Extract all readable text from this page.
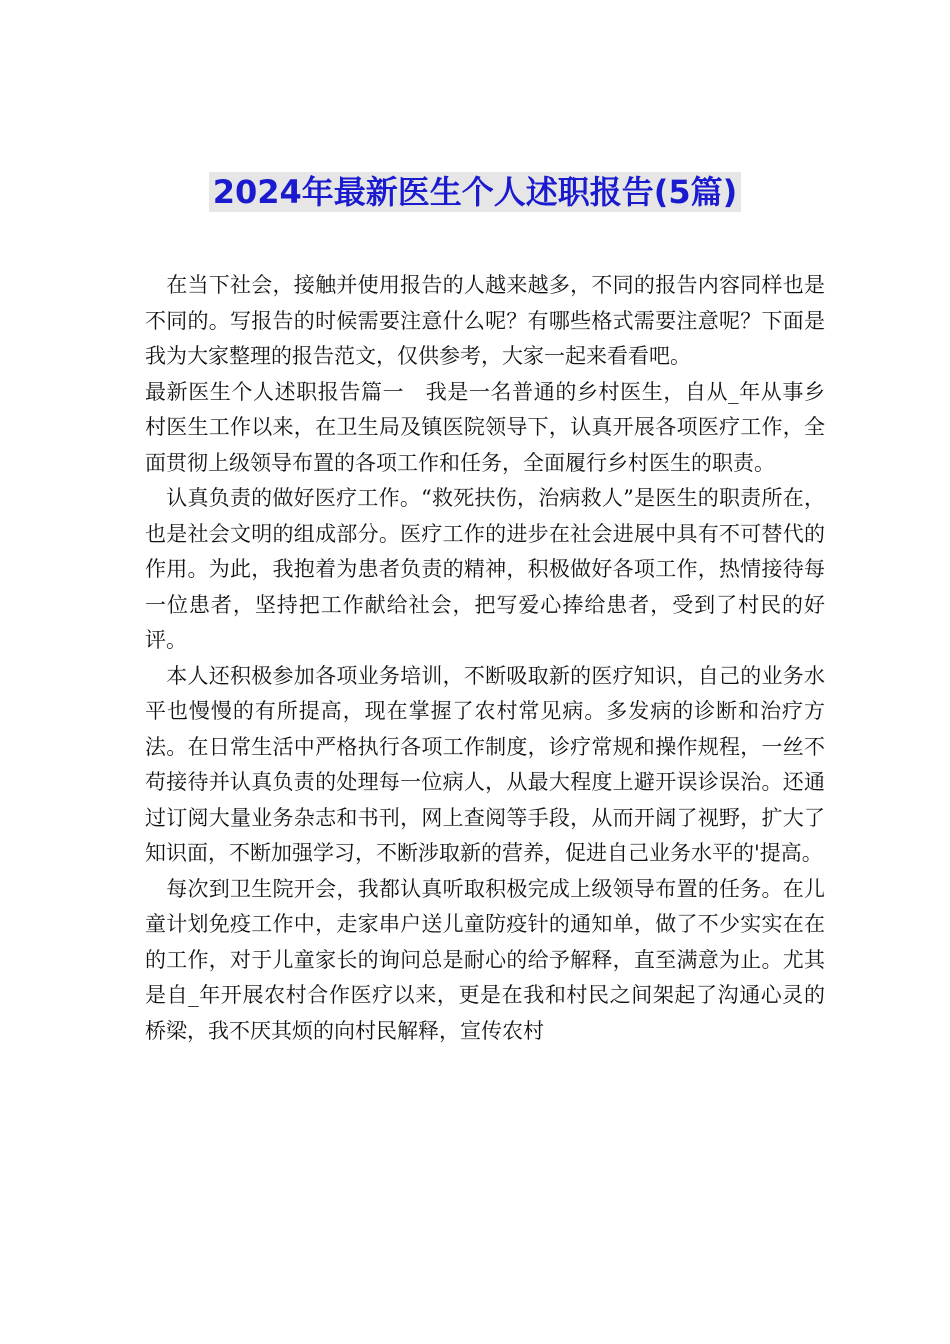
2024年最新医生个人述职报告(5篇)

　在当下社会，接触并使用报告的人越来越多，不同的报告内容同样也是不同的。写报告的时候需要注意什么呢？有哪些格式需要注意呢？下面是我为大家整理的报告范文，仅供参考，大家一起来看看吧。

最新医生个人述职报告篇一　我是一名普通的乡村医生，自从_年从事乡村医生工作以来，在卫生局及镇医院领导下，认真开展各项医疗工作，全面贯彻上级领导布置的各项工作和任务，全面履行乡村医生的职责。

　认真负责的做好医疗工作。“救死扶伤，治病救人”是医生的职责所在，也是社会文明的组成部分。医疗工作的进步在社会进展中具有不可替代的作用。为此，我抱着为患者负责的精神，积极做好各项工作，热情接待每一位患者，坚持把工作献给社会，把写爱心捧给患者，受到了村民的好评。

　本人还积极参加各项业务培训，不断吸取新的医疗知识，自己的业务水平也慢慢的有所提高，现在掌握了农村常见病。多发病的诊断和治疗方法。在日常生活中严格执行各项工作制度，诊疗常规和操作规程，一丝不苟接待并认真负责的处理每一位病人，从最大程度上避开误诊误治。还通过订阅大量业务杂志和书刊，网上查阅等手段，从而开阔了视野，扩大了知识面，不断加强学习，不断涉取新的营养，促进自己业务水平的'提高。

　每次到卫生院开会，我都认真听取积极完成上级领导布置的任务。在儿童计划免疫工作中，走家串户送儿童防疫针的通知单，做了不少实实在在的工作，对于儿童家长的询问总是耐心的给予解释，直至满意为止。尤其是自_年开展农村合作医疗以来，更是在我和村民之间架起了沟通心灵的桥梁，我不厌其烦的向村民解释，宣传农村
